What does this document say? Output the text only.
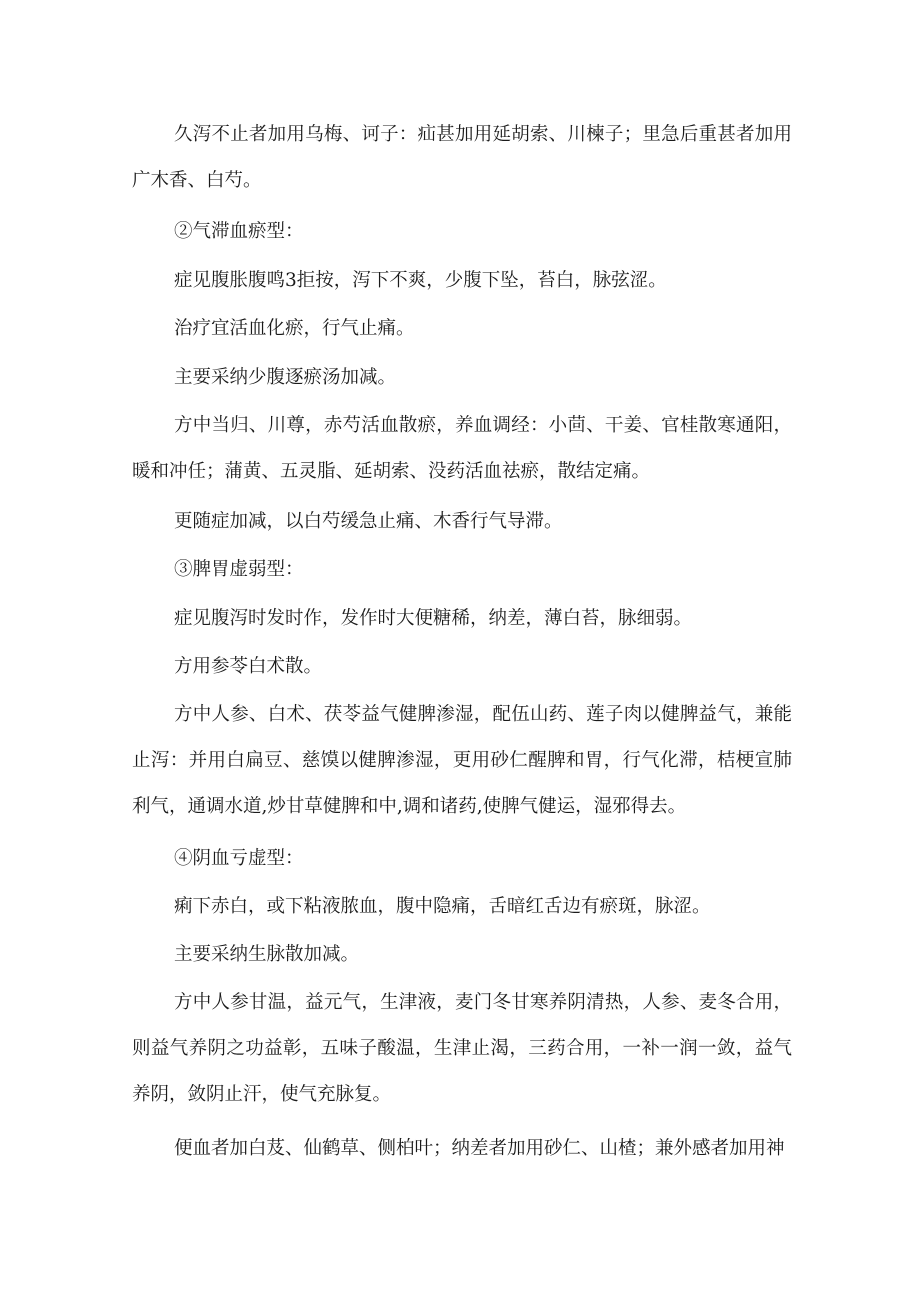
久泻不止者加用乌梅、诃子：疝甚加用延胡索、川楝子；里急后重甚者加用广木香、白芍。

②气滞血瘀型：

症见腹胀腹鸣3拒按，泻下不爽，少腹下坠，苔白，脉弦涩。

治疗宜活血化瘀，行气止痛。

主要采纳少腹逐瘀汤加减。

方中当归、川尊，赤芍活血散瘀，养血调经：小茴、干姜、官桂散寒通阳，暖和冲任；蒲黄、五灵脂、延胡索、没药活血祛瘀，散结定痛。

更随症加减，以白芍缓急止痛、木香行气导滞。

③脾胃虚弱型：

症见腹泻时发时作，发作时大便糖稀，纳差，薄白苔，脉细弱。

方用参苓白术散。

方中人参、白术、茯苓益气健脾渗湿，配伍山药、莲子肉以健脾益气，兼能止泻：并用白扁豆、慈馍以健脾渗湿，更用砂仁醒脾和胃，行气化滞，桔梗宣肺利气，通调水道,炒甘草健脾和中,调和诸药,使脾气健运，湿邪得去。

④阴血亏虚型：

痢下赤白，或下粘液脓血，腹中隐痛，舌暗红舌边有瘀斑，脉涩。

主要采纳生脉散加减。

方中人参甘温，益元气，生津液，麦门冬甘寒养阴清热，人参、麦冬合用，则益气养阴之功益彰，五味子酸温，生津止渴，三药合用，一补一润一敛，益气养阴，敛阴止汗，使气充脉复。

便血者加白芨、仙鹤草、侧柏叶；纳差者加用砂仁、山楂；兼外感者加用神
